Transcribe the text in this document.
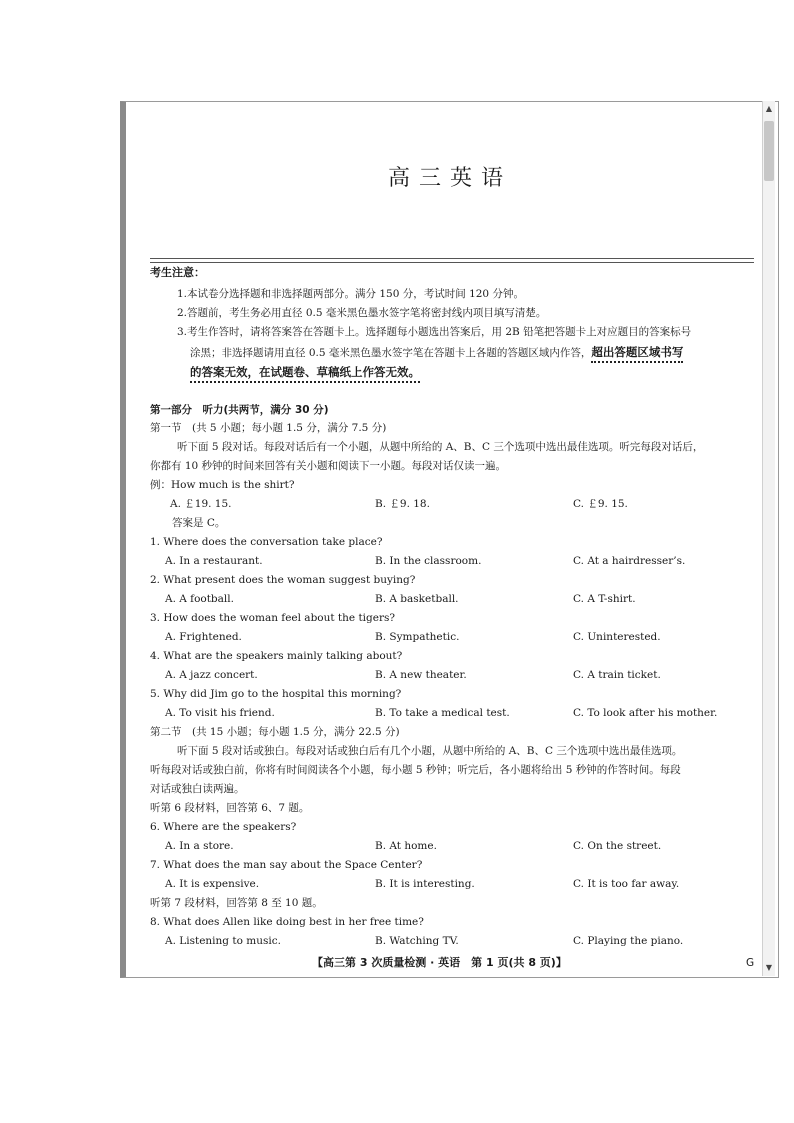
▲
▼
高三英语
考生注意：
1.本试卷分选择题和非选择题两部分。满分 150 分，考试时间 120 分钟。
2.答题前，考生务必用直径 0.5 毫米黑色墨水签字笔将密封线内项目填写清楚。
3.考生作答时，请将答案答在答题卡上。选择题每小题选出答案后，用 2B 铅笔把答题卡上对应题目的答案标号
涂黑；非选择题请用直径 0.5 毫米黑色墨水签字笔在答题卡上各题的答题区域内作答，超出答题区域书写
的答案无效，在试题卷、草稿纸上作答无效。
第一部分　听力(共两节，满分 30 分)
第一节　(共 5 小题；每小题 1.5 分，满分 7.5 分)
听下面 5 段对话。每段对话后有一个小题，从题中所给的 A、B、C 三个选项中选出最佳选项。听完每段对话后，
你都有 10 秒钟的时间来回答有关小题和阅读下一小题。每段对话仅读一遍。
例：How much is the shirt?
A. ￡19. 15.	B. ￡9. 18.	C. ￡9. 15.
答案是 C。
1. Where does the conversation take place?
A. In a restaurant.	B. In the classroom.	C. At a hairdresser’s.
2. What present does the woman suggest buying?
A. A football.	B. A basketball.	C. A T-shirt.
3. How does the woman feel about the tigers?
A. Frightened.	B. Sympathetic.	C. Uninterested.
4. What are the speakers mainly talking about?
A. A jazz concert.	B. A new theater.	C. A train ticket.
5. Why did Jim go to the hospital this morning?
A. To visit his friend.	B. To take a medical test.	C. To look after his mother.
第二节　(共 15 小题；每小题 1.5 分，满分 22.5 分)
听下面 5 段对话或独白。每段对话或独白后有几个小题，从题中所给的 A、B、C 三个选项中选出最佳选项。
听每段对话或独白前，你将有时间阅读各个小题，每小题 5 秒钟；听完后，各小题将给出 5 秒钟的作答时间。每段
对话或独白读两遍。
听第 6 段材料，回答第 6、7 题。
6. Where are the speakers?
A. In a store.	B. At home.	C. On the street.
7. What does the man say about the Space Center?
A. It is expensive.	B. It is interesting.	C. It is too far away.
听第 7 段材料，回答第 8 至 10 题。
8. What does Allen like doing best in her free time?
A. Listening to music.	B. Watching TV.	C. Playing the piano.
【高三第 3 次质量检测 · 英语　第 1 页(共 8 页)】	G
